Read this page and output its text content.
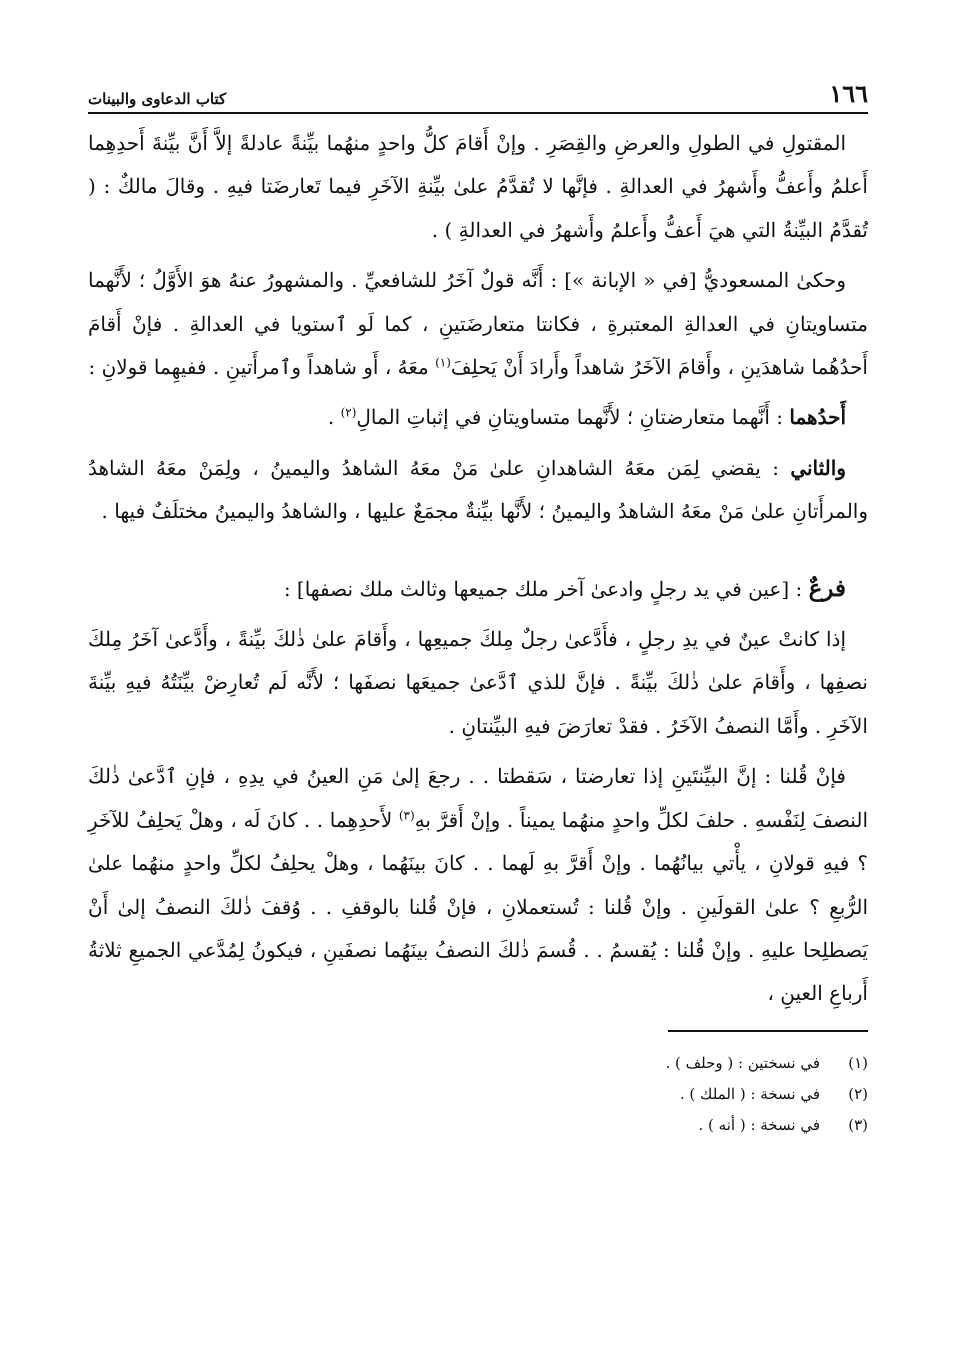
١٦٦
كتاب الدعاوى والبينات

المقتولِ في الطولِ والعرضِ والقِصَرِ . وإنْ أَقامَ كلُّ واحدٍ منهُما بيِّنةً عادلةً إلاَّ أَنَّ بيِّنةَ أَحدِهِما أَعلمُ وأَعفُّ وأَشهرُ في العدالةِ . فإنَّها لا تُقدَّمُ علىٰ بيِّنةِ الآخَرِ فيما تَعارضَتا فيهِ . وقالَ مالكٌ : ( تُقدَّمُ البيِّنةُ التي هيَ أَعفُّ وأَعلمُ وأَشهرُ في العدالةِ ) .

وحكىٰ المسعوديُّ [في « الإبانة »] : أَنَّه قولٌ آخَرُ للشافعيِّ . والمشهورُ عنهُ هوَ الأَوَّلُ ؛ لأَنَّهما متساويتانِ في العدالةِ المعتبرةِ ، فكانتا متعارضَتينِ ، كما لَو ٱستويا في العدالةِ . فإنْ أَقامَ أَحدُهُما شاهدَينِ ، وأَقامَ الآخَرُ شاهداً وأَرادَ أَنْ يَحلِفَ$^{(١)}$ معَهُ ، أَو شاهداً وٱمرأَتينِ . ففيهِما قولانِ :

أَحدُهما : أَنَّهما متعارضتانِ ؛ لأَنَّهما متساويتانِ في إثباتِ المالِ$^{(٢)}$ .

والثاني : يقضي لِمَن معَهُ الشاهدانِ علىٰ مَنْ معَهُ الشاهدُ واليمينُ ، ولِمَنْ معَهُ الشاهدُ والمرأَتانِ علىٰ مَنْ معَهُ الشاهدُ واليمينُ ؛ لأَنَّها بيِّنةٌ مجمَعٌ عليها ، والشاهدُ واليمينُ مختلَفٌ فيها .

فرعٌ : [عين في يد رجلٍ وادعىٰ آخر ملك جميعها وثالث ملك نصفها] :

إذا كانتْ عينٌ في يدِ رجلٍ ، فأَدَّعىٰ رجلٌ مِلكَ جميعِها ، وأَقامَ علىٰ ذٰلكَ بيِّنةً ، وأَدَّعىٰ آخَرُ مِلكَ نصفِها ، وأَقامَ علىٰ ذٰلكَ بيِّنةً . فإنَّ للذي ٱدَّعىٰ جميعَها نصفَها ؛ لأَنَّه لَم تُعارِضْ بيِّنَتُهُ فيهِ بيِّنةَ الآخَرِ . وأَمَّا النصفُ الآخَرُ . فقدْ تعارَضَ فيهِ البيِّنتانِ .

فإنْ قُلنا : إنَّ البيِّنتَينِ إذا تعارضتا ، سَقطتا . . رجعَ إلىٰ مَنِ العينُ في يدِهِ ، فإنِ ٱدَّعىٰ ذٰلكَ النصفَ لِنَفْسهِ . حلفَ لكلِّ واحدٍ منهُما يميناً . وإنْ أَقرَّ بهِ$^{(٣)}$ لأَحدِهِما . . كانَ لَه ، وهلْ يَحلِفُ للآخَرِ ؟ فيهِ قولانِ ، يأْتي بيانُهُما . وإنْ أَقرَّ بهِ لَهما . . كانَ بينَهُما ، وهلْ يحلِفُ لكلِّ واحدٍ منهُما علىٰ الرُّبعِ ؟ علىٰ القولَينِ . وإنْ قُلنا : تُستعملانِ ، فإنْ قُلنا بالوقفِ . . وُقفَ ذٰلكَ النصفُ إلىٰ أَنْ يَصطلِحا عليهِ . وإنْ قُلنا : يُقسمُ . . قُسمَ ذٰلكَ النصفُ بينَهُما نصفَينِ ، فيكونُ لِمُدَّعي الجميعِ ثلاثةُ أَرباعِ العينِ ،

(١)
في نسختين : ( وحلف ) .
(٢)
في نسخة : ( الملك ) .
(٣)
في نسخة : ( أنه ) .
